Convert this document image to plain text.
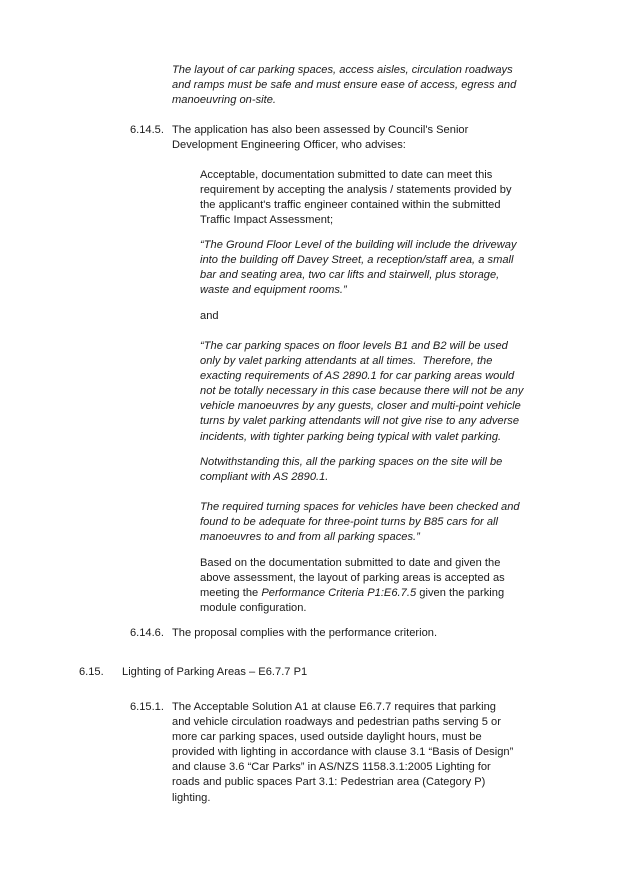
The layout of car parking spaces, access aisles, circulation roadways
and ramps must be safe and must ensure ease of access, egress and
manoeuvring on-site.
6.14.5. The application has also been assessed by Council's Senior
Development Engineering Officer, who advises:
Acceptable, documentation submitted to date can meet this
requirement by accepting the analysis / statements provided by
the applicant's traffic engineer contained within the submitted
Traffic Impact Assessment;
“The Ground Floor Level of the building will include the driveway
into the building off Davey Street, a reception/staff area, a small
bar and seating area, two car lifts and stairwell, plus storage,
waste and equipment rooms.”
and
“The car parking spaces on floor levels B1 and B2 will be used
only by valet parking attendants at all times.  Therefore, the
exacting requirements of AS 2890.1 for car parking areas would
not be totally necessary in this case because there will not be any
vehicle manoeuvres by any guests, closer and multi-point vehicle
turns by valet parking attendants will not give rise to any adverse
incidents, with tighter parking being typical with valet parking.
Notwithstanding this, all the parking spaces on the site will be
compliant with AS 2890.1.
The required turning spaces for vehicles have been checked and
found to be adequate for three-point turns by B85 cars for all
manoeuvres to and from all parking spaces.”
Based on the documentation submitted to date and given the
above assessment, the layout of parking areas is accepted as
meeting the Performance Criteria P1:E6.7.5 given the parking
module configuration.
6.14.6. The proposal complies with the performance criterion.
6.15. Lighting of Parking Areas – E6.7.7 P1
6.15.1. The Acceptable Solution A1 at clause E6.7.7 requires that parking
and vehicle circulation roadways and pedestrian paths serving 5 or
more car parking spaces, used outside daylight hours, must be
provided with lighting in accordance with clause 3.1 “Basis of Design”
and clause 3.6 “Car Parks” in AS/NZS 1158.3.1:2005 Lighting for
roads and public spaces Part 3.1: Pedestrian area (Category P)
lighting.
